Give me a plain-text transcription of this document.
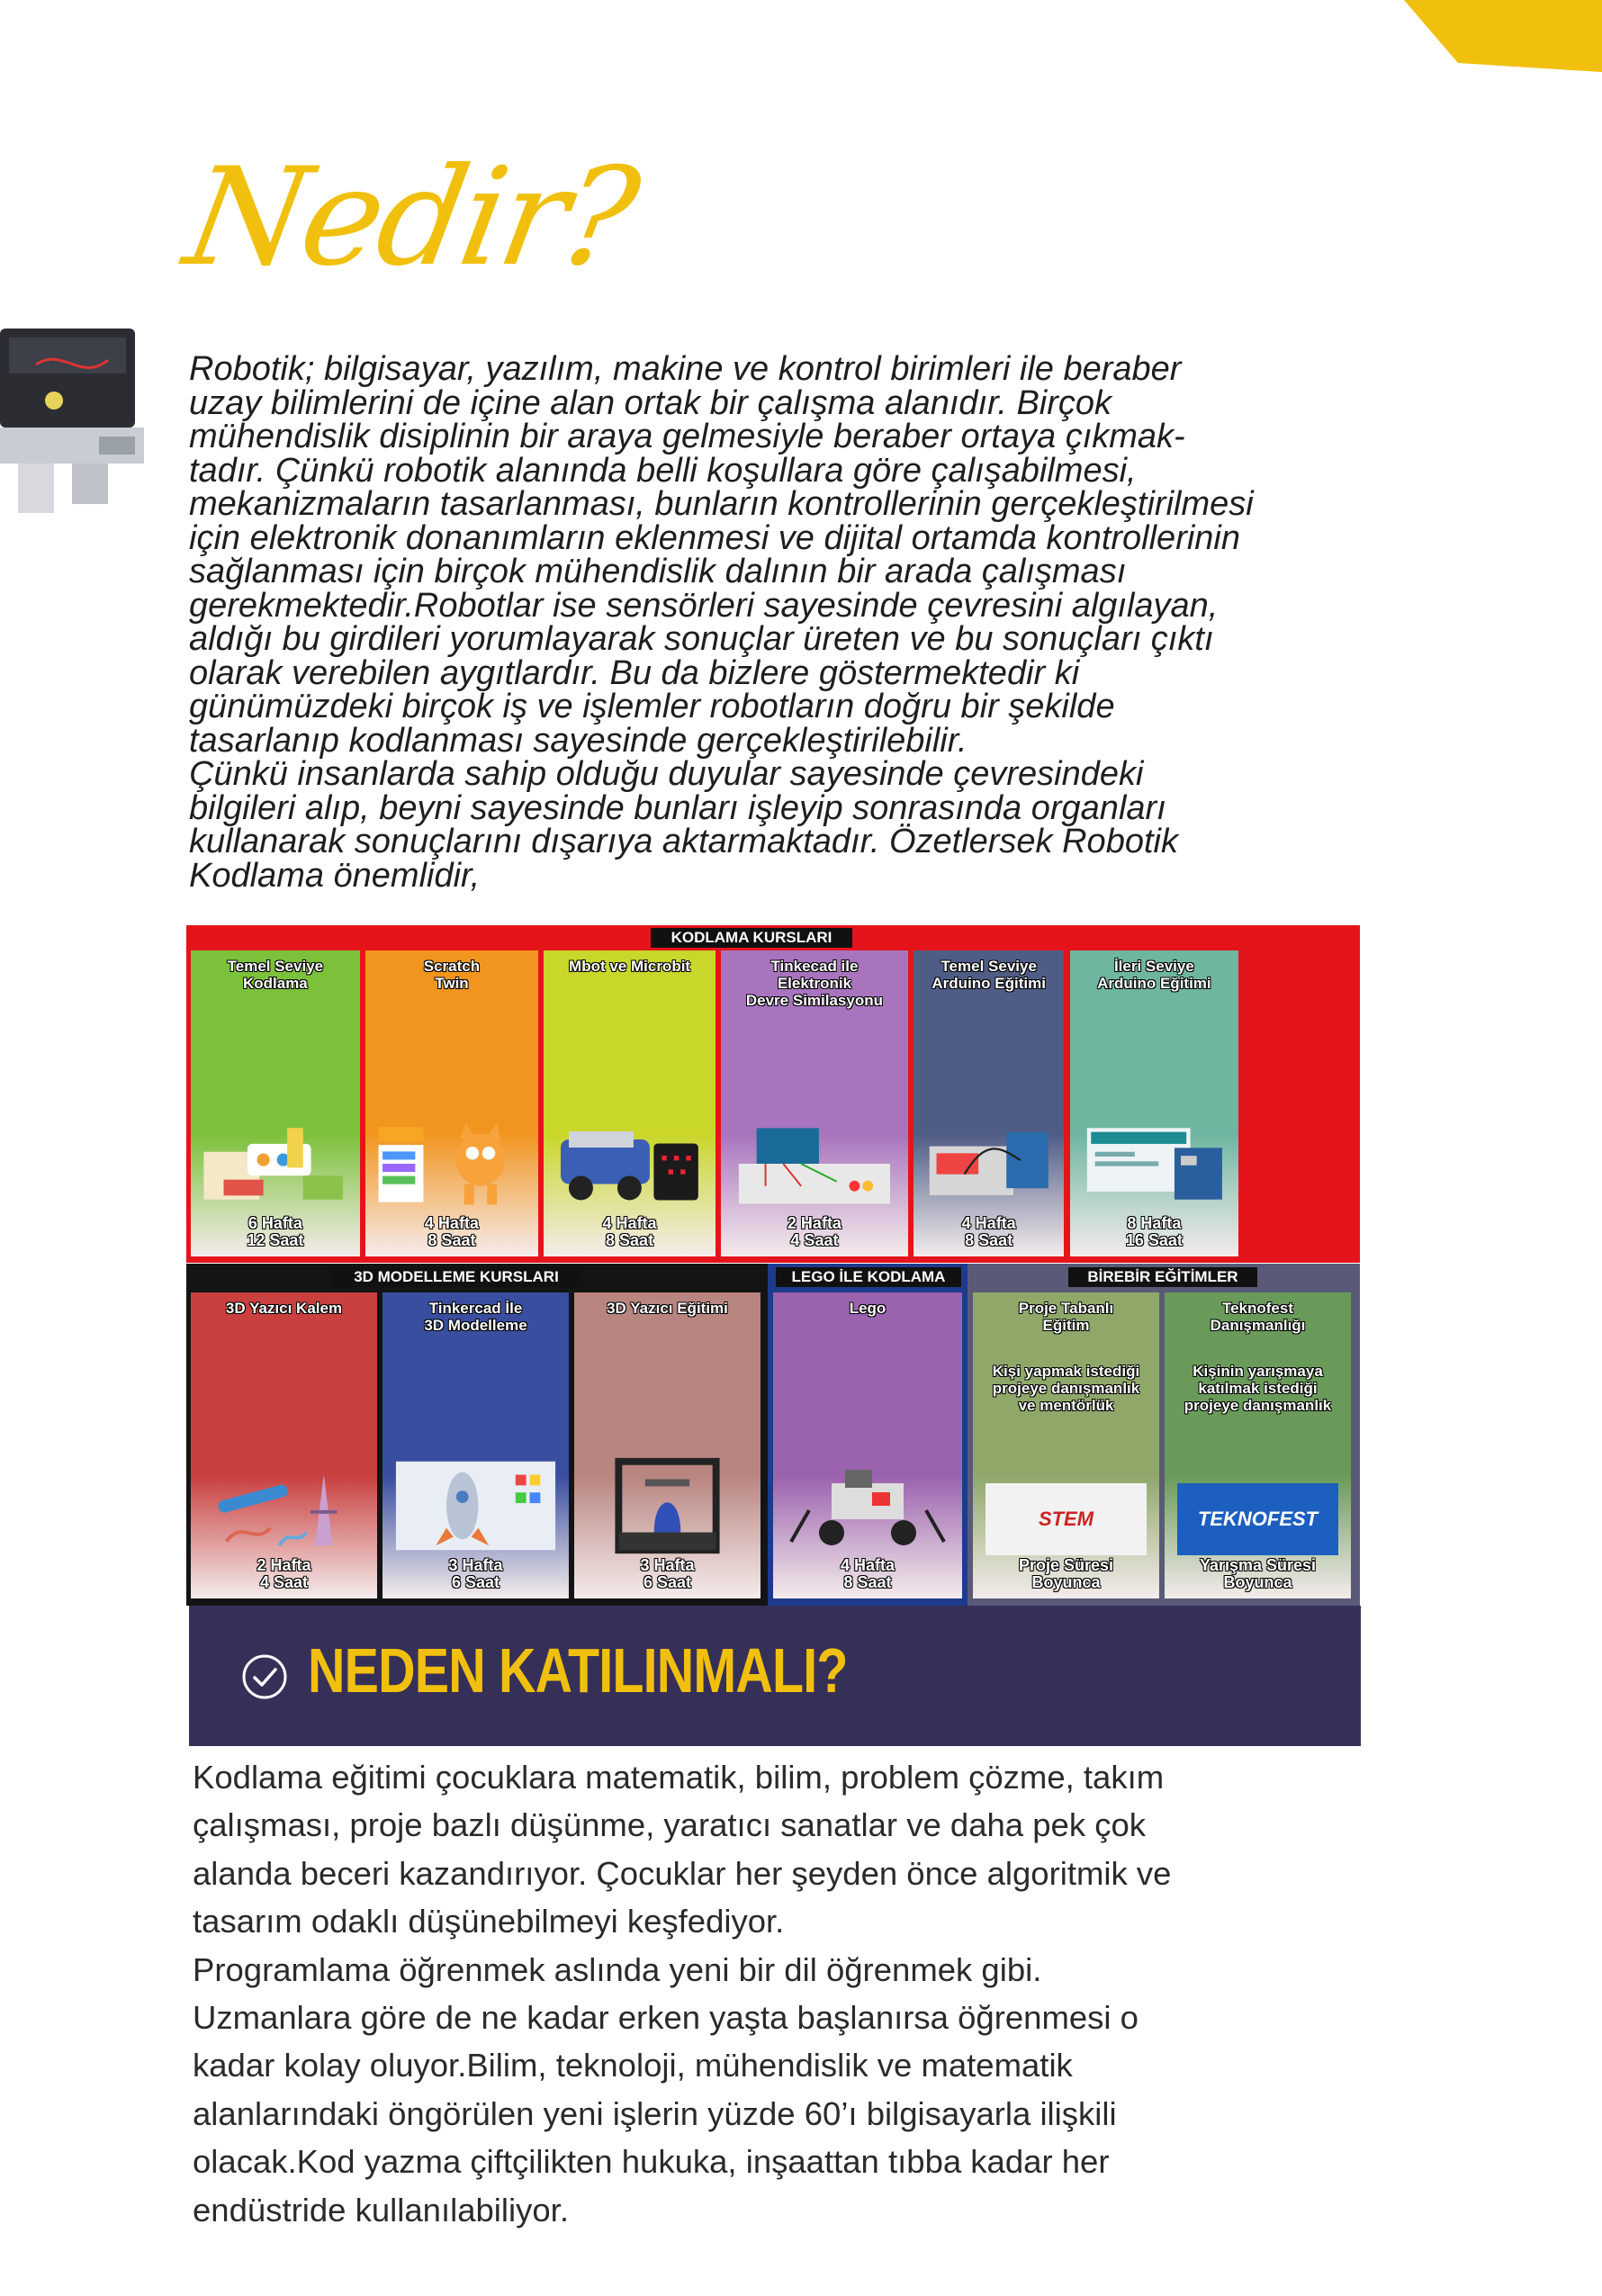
Nedir?
Robotik; bilgisayar, yazılım, makine ve kontrol birimleri ile beraber
uzay bilimlerini de içine alan ortak bir çalışma alanıdır. Birçok
mühendislik disiplinin bir araya gelmesiyle beraber ortaya çıkmak-
tadır. Çünkü robotik alanında belli koşullara göre çalışabilmesi,
mekanizmaların tasarlanması, bunların kontrollerinin gerçekleştirilmesi
için elektronik donanımların eklenmesi ve dijital ortamda kontrollerinin
sağlanması için birçok mühendislik dalının bir arada çalışması
gerekmektedir.Robotlar ise sensörleri sayesinde çevresini algılayan,
aldığı bu girdileri yorumlayarak sonuçlar üreten ve bu sonuçları çıktı
olarak verebilen aygıtlardır. Bu da bizlere göstermektedir ki
günümüzdeki birçok iş ve işlemler robotların doğru bir şekilde
tasarlanıp kodlanması sayesinde gerçekleştirilebilir.
Çünkü insanlarda sahip olduğu duyular sayesinde çevresindeki
bilgileri alıp, beyni sayesinde bunları işleyip sonrasında organları
kullanarak sonuçlarını dışarıya aktarmaktadır. Özetlersek Robotik
Kodlama önemlidir,
KODLAMA KURSLARI
3D MODELLEME KURSLARI	LEGO İLE KODLAMA	BİREBİR EĞİTİMLER
Temel Seviye
Kodlama
6 Hafta
12 Saat
Scratch
Twin
4 Hafta
8 Saat
Mbot ve Microbit
4 Hafta
8 Saat
Tinkecad ile
Elektronik
Devre Similasyonu
2 Hafta
4 Saat
Temel Seviye
Arduino Eğitimi
4 Hafta
8 Saat
İleri Seviye
Arduino Eğitimi
8 Hafta
16 Saat
3D Yazıcı Kalem
2 Hafta
4 Saat
Tinkercad İle
3D Modelleme
3 Hafta
6 Saat
3D Yazıcı Eğitimi
3 Hafta
6 Saat
Lego
4 Hafta
8 Saat
Proje Tabanlı
Eğitim
Kişi yapmak istediği
projeye danışmanlık
ve mentörlük
STEM
Proje Süresi
Boyunca
Teknofest
Danışmanlığı
Kişinin yarışmaya
katılmak istediği
projeye danışmanlık
TEKNOFEST
Yarışma Süresi
Boyunca
NEDEN KATILINMALI?
Kodlama eğitimi çocuklara matematik, bilim, problem çözme, takım
çalışması, proje bazlı düşünme, yaratıcı sanatlar ve daha pek çok
alanda beceri kazandırıyor. Çocuklar her şeyden önce algoritmik ve
tasarım odaklı düşünebilmeyi keşfediyor.
Programlama öğrenmek aslında yeni bir dil öğrenmek gibi.
Uzmanlara göre de ne kadar erken yaşta başlanırsa öğrenmesi o
kadar kolay oluyor.Bilim, teknoloji, mühendislik ve matematik
alanlarındaki öngörülen yeni işlerin yüzde 60’ı bilgisayarla ilişkili
olacak.Kod yazma çiftçilikten hukuka, inşaattan tıbba kadar her
endüstride kullanılabiliyor.
